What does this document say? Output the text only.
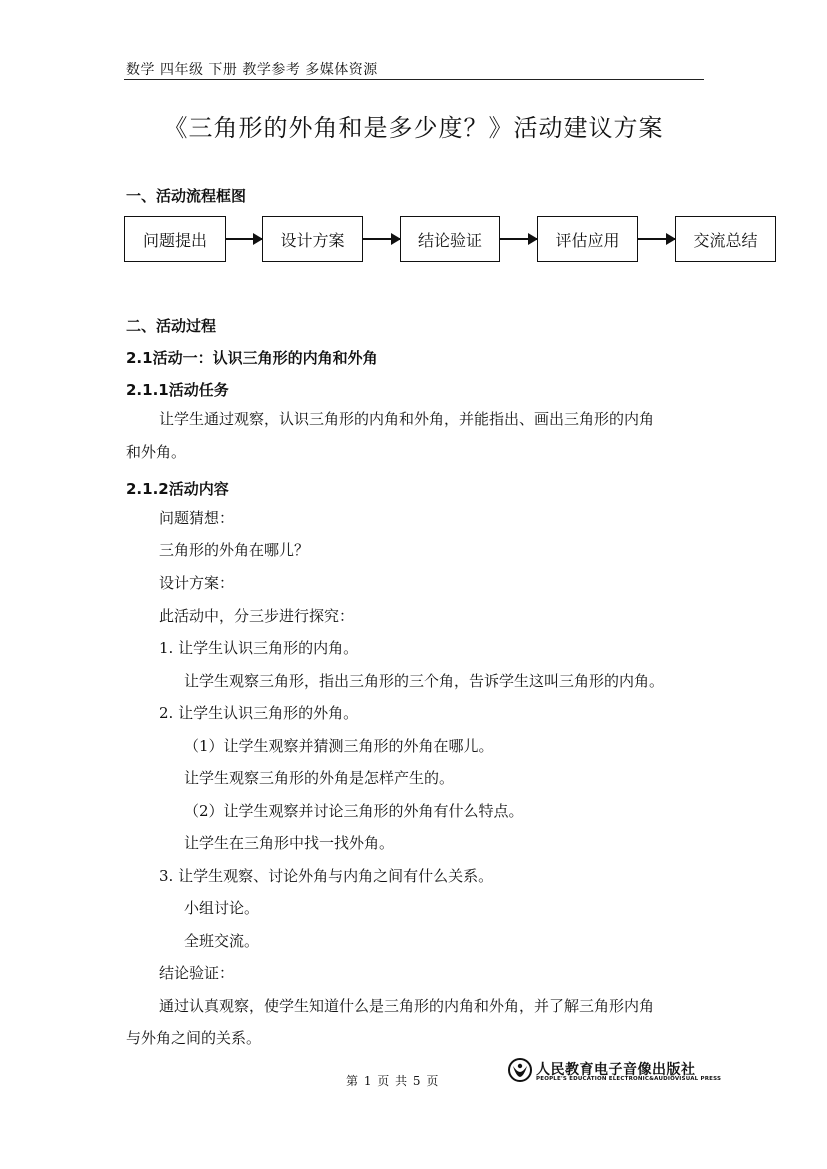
数学 四年级 下册 教学参考 多媒体资源
《三角形的外角和是多少度？》活动建议方案
一、活动流程框图
问题提出	设计方案	结论验证	评估应用	交流总结
二、活动过程
2.1活动一：认识三角形的内角和外角
2.1.1活动任务
让学生通过观察，认识三角形的内角和外角，并能指出、画出三角形的内角
和外角。
2.1.2活动内容
问题猜想：
三角形的外角在哪儿？
设计方案：
此活动中，分三步进行探究：
1. 让学生认识三角形的内角。
让学生观察三角形，指出三角形的三个角，告诉学生这叫三角形的内角。
2. 让学生认识三角形的外角。
（1）让学生观察并猜测三角形的外角在哪儿。
让学生观察三角形的外角是怎样产生的。
（2）让学生观察并讨论三角形的外角有什么特点。
让学生在三角形中找一找外角。
3. 让学生观察、讨论外角与内角之间有什么关系。
小组讨论。
全班交流。
结论验证：
通过认真观察，使学生知道什么是三角形的内角和外角，并了解三角形内角
与外角之间的关系。
第 1 页 共 5 页
人民教育电子音像出版社
PEOPLE'S EDUCATION ELECTRONIC&AUDIOVISUAL PRESS
